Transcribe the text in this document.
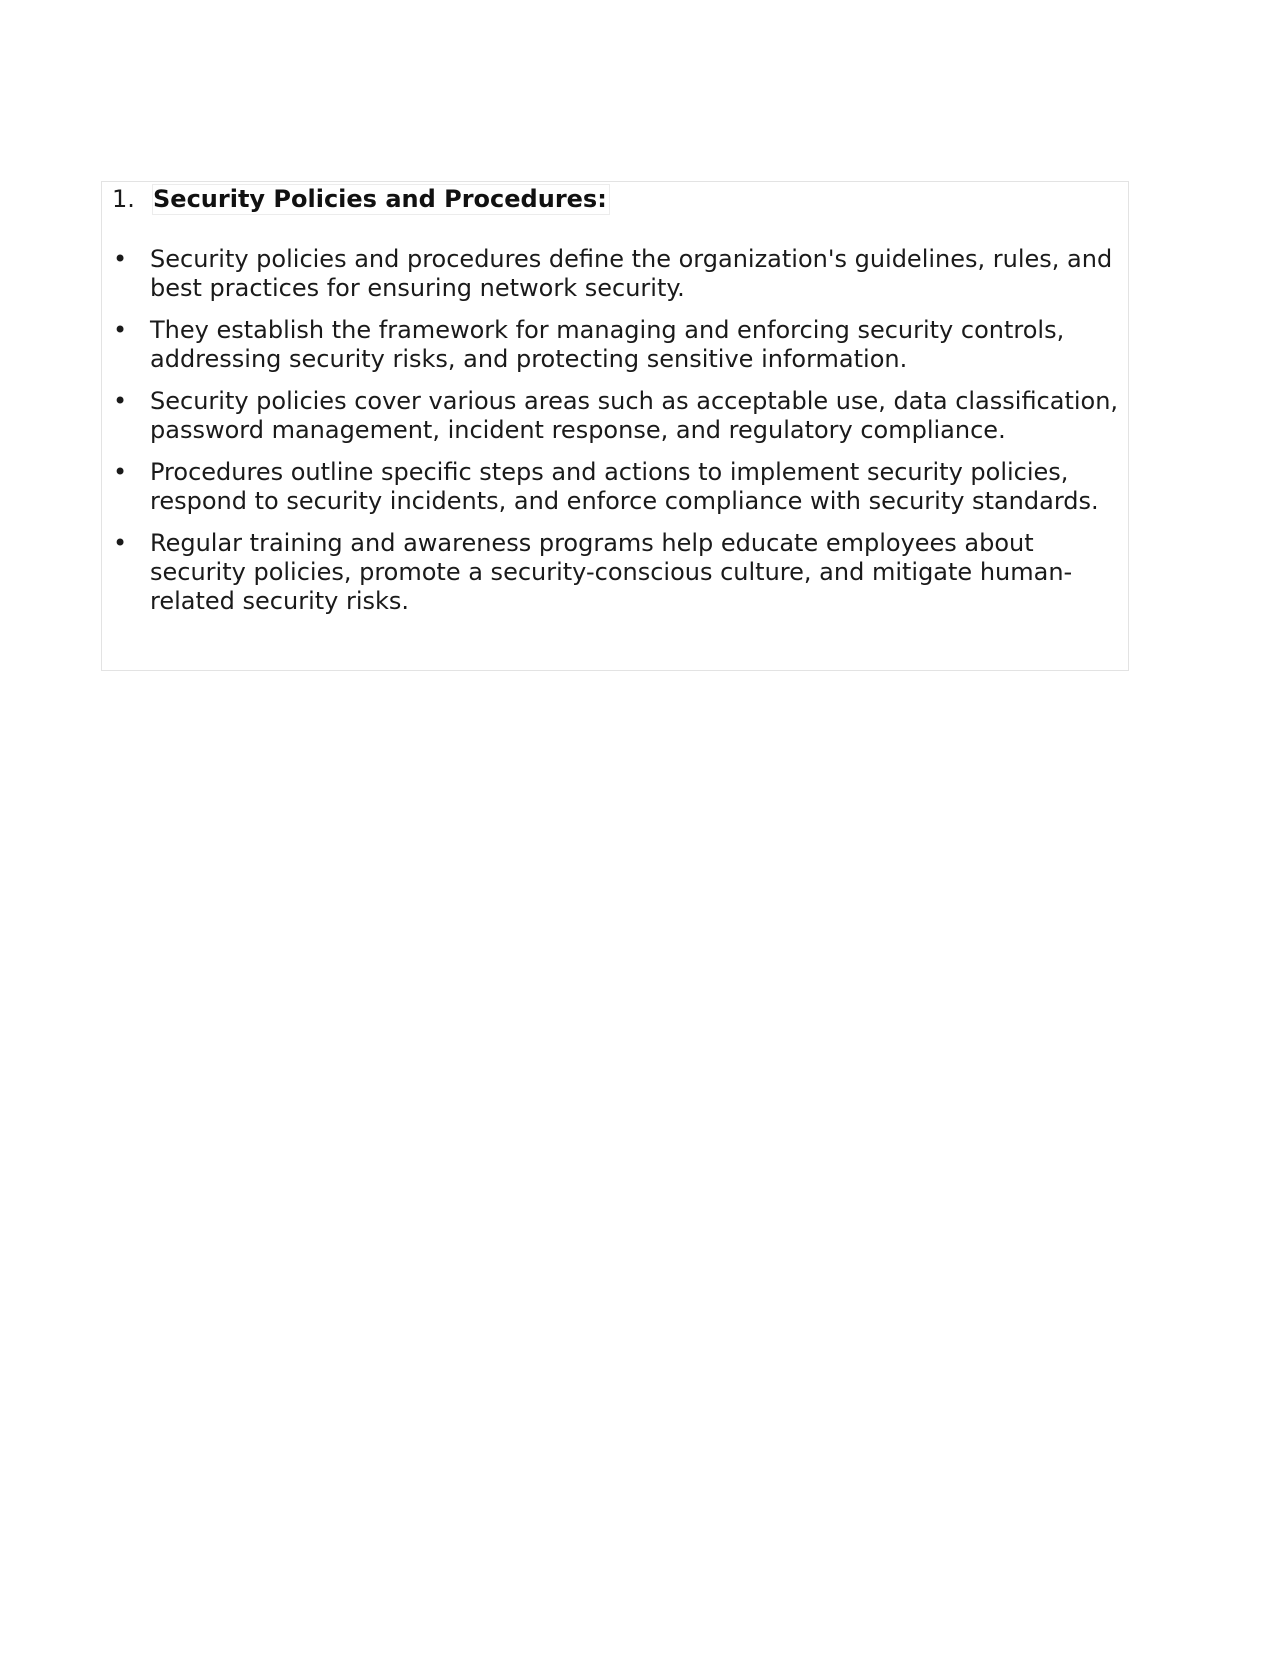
1. Security Policies and Procedures:
• Security policies and procedures define the organization's guidelines, rules, and best practices for ensuring network security.
• They establish the framework for managing and enforcing security controls, addressing security risks, and protecting sensitive information.
• Security policies cover various areas such as acceptable use, data classification, password management, incident response, and regulatory compliance.
• Procedures outline specific steps and actions to implement security policies, respond to security incidents, and enforce compliance with security standards.
• Regular training and awareness programs help educate employees about security policies, promote a security-conscious culture, and mitigate human-related security risks.
